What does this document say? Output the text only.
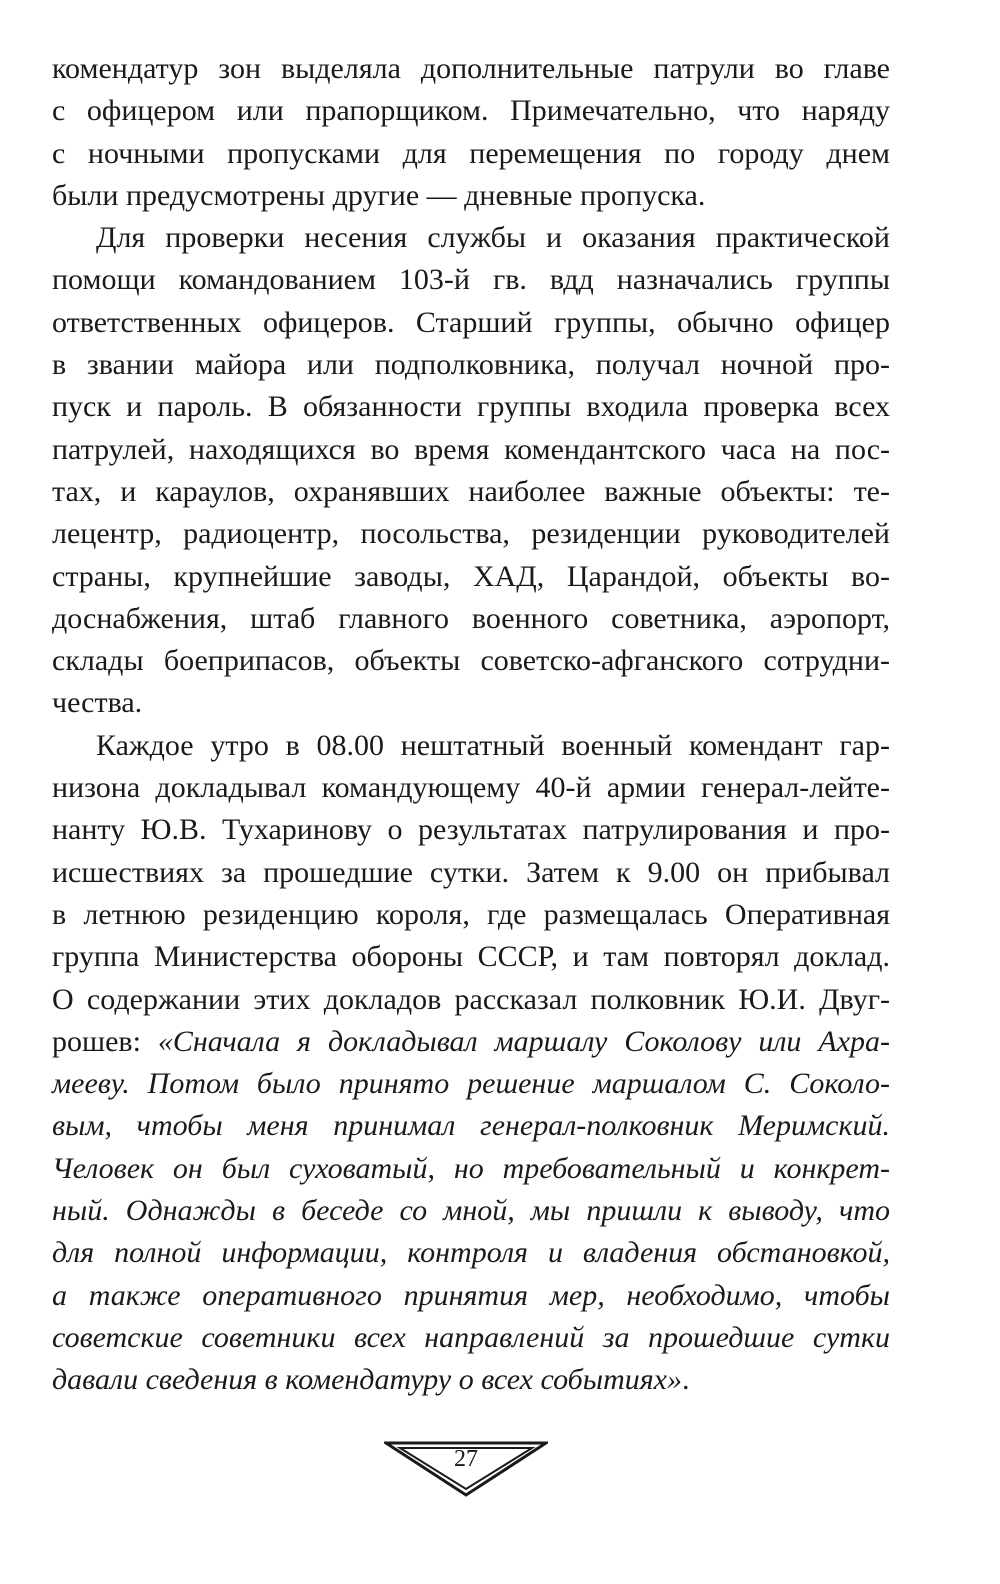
комендатур зон выделяла дополнительные патрули во главе
с офицером или прапорщиком. Примечательно, что наряду
с ночными пропусками для перемещения по городу днем
были предусмотрены другие — дневные пропуска.
Для проверки несения службы и оказания практической
помощи командованием 103-й гв. вдд назначались группы
ответственных офицеров. Старший группы, обычно офицер
в звании майора или подполковника, получал ночной про-
пуск и пароль. В обязанности группы входила проверка всех
патрулей, находящихся во время комендантского часа на пос-
тах, и караулов, охранявших наиболее важные объекты: те-
лецентр, радиоцентр, посольства, резиденции руководителей
страны, крупнейшие заводы, ХАД, Царандой, объекты во-
доснабжения, штаб главного военного советника, аэропорт,
склады боеприпасов, объекты советско-афганского сотрудни-
чества.
Каждое утро в 08.00 нештатный военный комендант гар-
низона докладывал командующему 40-й армии генерал-лейте-
нанту Ю.В. Тухаринову о результатах патрулирования и про-
исшествиях за прошедшие сутки. Затем к 9.00 он прибывал
в летнюю резиденцию короля, где размещалась Оперативная
группа Министерства обороны СССР, и там повторял доклад.
О содержании этих докладов рассказал полковник Ю.И. Двуг-
рошев: «Сначала я докладывал маршалу Соколову или Ахра-
мееву. Потом было принято решение маршалом С. Соколо-
вым, чтобы меня принимал генерал-полковник Меримский.
Человек он был суховатый, но требовательный и конкрет-
ный. Однажды в беседе со мной, мы пришли к выводу, что
для полной информации, контроля и владения обстановкой,
а также оперативного принятия мер, необходимо, чтобы
советские советники всех направлений за прошедшие сутки
давали сведения в комендатуру о всех событиях».
27
